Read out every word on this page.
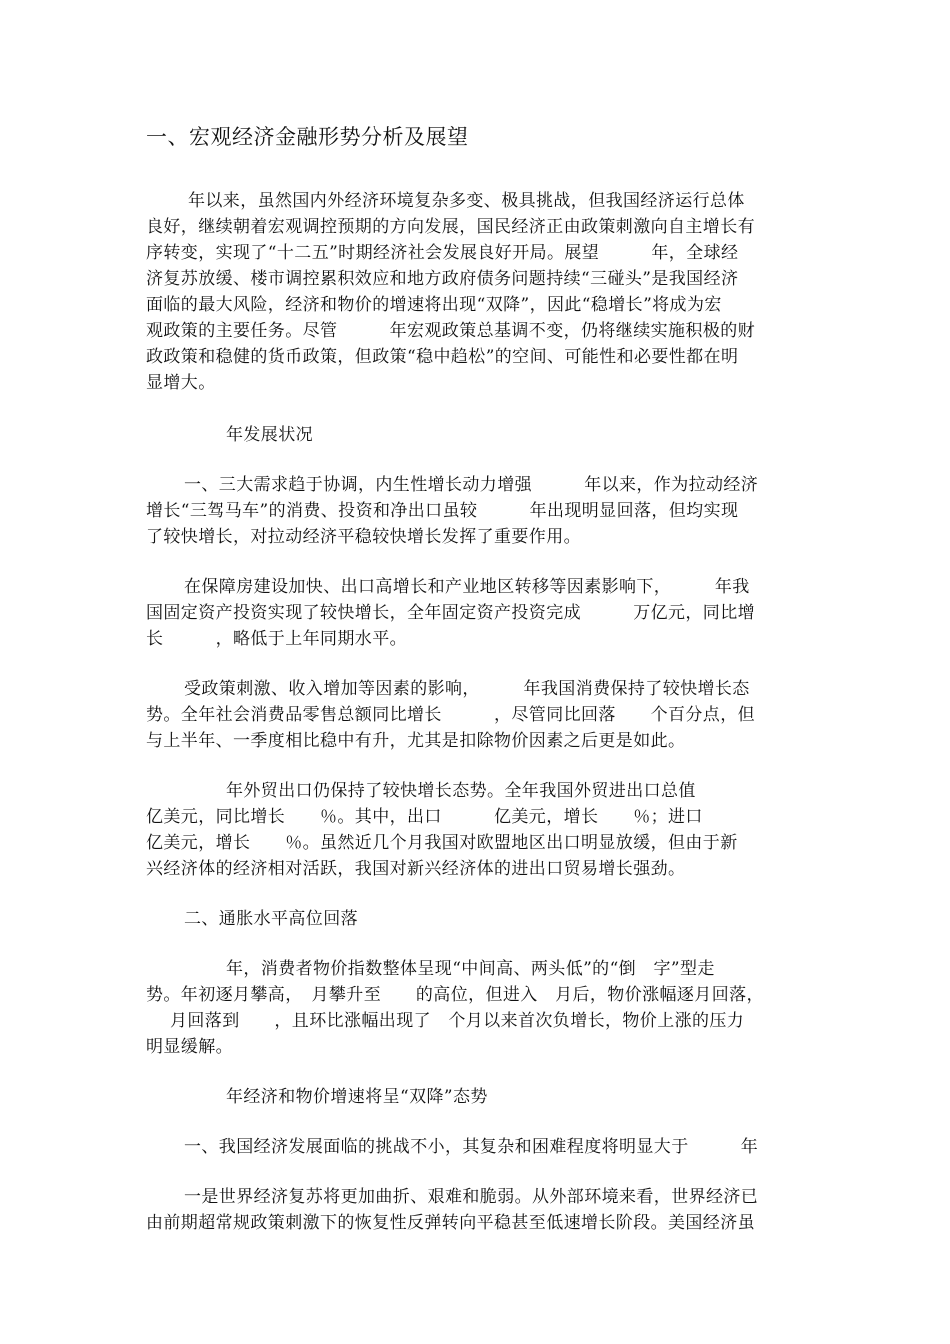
一、宏观经济金融形势分析及展望
年以来，虽然国内外经济环境复杂多变、极具挑战，但我国经济运行总体
良好，继续朝着宏观调控预期的方向发展，国民经济正由政策刺激向自主增长有
序转变，实现了“十二五”时期经济社会发展良好开局。展望　　　年，全球经
济复苏放缓、楼市调控累积效应和地方政府债务问题持续“三碰头”是我国经济
面临的最大风险，经济和物价的增速将出现“双降”，因此“稳增长”将成为宏
观政策的主要任务。尽管　　　年宏观政策总基调不变，仍将继续实施积极的财
政政策和稳健的货币政策，但政策“稳中趋松”的空间、可能性和必要性都在明
显增大。
年发展状况
一、三大需求趋于协调，内生性增长动力增强　　　年以来，作为拉动经济
增长“三驾马车”的消费、投资和净出口虽较　　　年出现明显回落，但均实现
了较快增长，对拉动经济平稳较快增长发挥了重要作用。
在保障房建设加快、出口高增长和产业地区转移等因素影响下，　　　年我
国固定资产投资实现了较快增长，全年固定资产投资完成　　　万亿元，同比增
长　　　，略低于上年同期水平。
受政策刺激、收入增加等因素的影响，　　　年我国消费保持了较快增长态
势。全年社会消费品零售总额同比增长　　　，尽管同比回落　　个百分点，但
与上半年、一季度相比稳中有升，尤其是扣除物价因素之后更是如此。
年外贸出口仍保持了较快增长态势。全年我国外贸进出口总值
亿美元，同比增长　　％。其中，出口　　　亿美元，增长　　％；进口
亿美元，增长　　％。虽然近几个月我国对欧盟地区出口明显放缓，但由于新
兴经济体的经济相对活跃，我国对新兴经济体的进出口贸易增长强劲。
二、通胀水平高位回落
年，消费者物价指数整体呈现“中间高、两头低”的“倒　字”型走
势。年初逐月攀高，　月攀升至　　的高位，但进入　月后，物价涨幅逐月回落，
月回落到　　，且环比涨幅出现了　个月以来首次负增长，物价上涨的压力
明显缓解。
年经济和物价增速将呈“双降”态势
一、我国经济发展面临的挑战不小，其复杂和困难程度将明显大于　　　年
一是世界经济复苏将更加曲折、艰难和脆弱。从外部环境来看，世界经济已
由前期超常规政策刺激下的恢复性反弹转向平稳甚至低速增长阶段。美国经济虽
